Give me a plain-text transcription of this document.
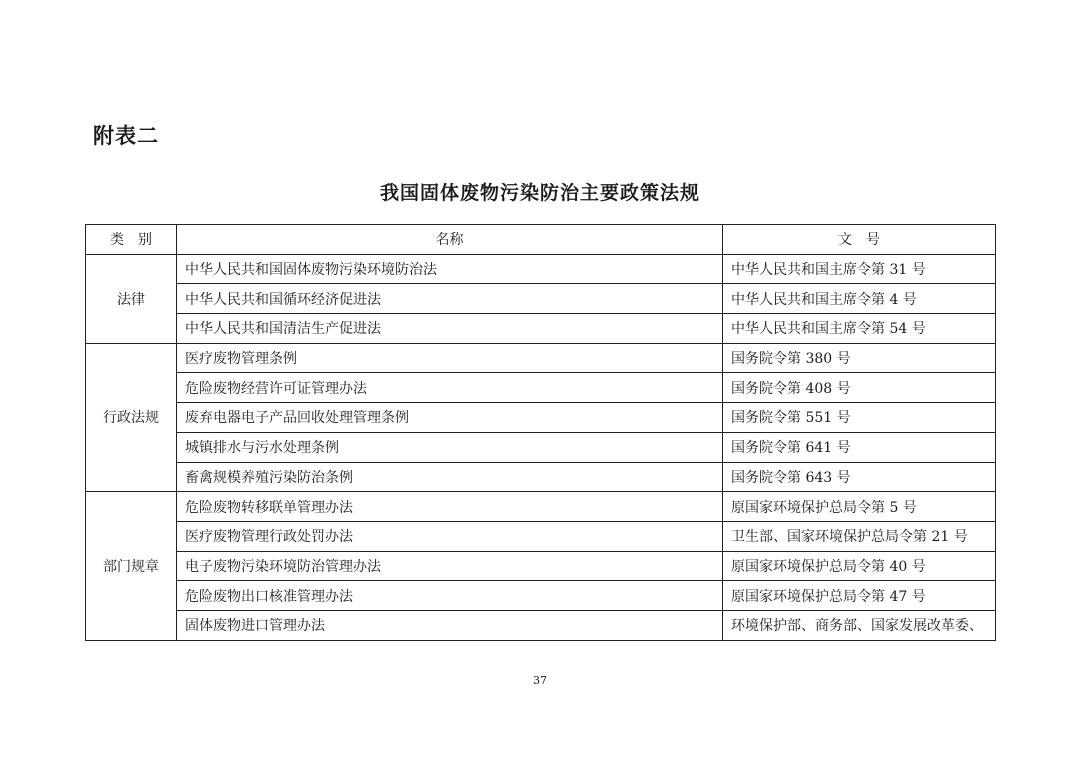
附表二
我国固体废物污染防治主要政策法规
类　别	名称	文　号
法律	中华人民共和国固体废物污染环境防治法	中华人民共和国主席令第 31 号
	中华人民共和国循环经济促进法	中华人民共和国主席令第 4 号
	中华人民共和国清洁生产促进法	中华人民共和国主席令第 54 号
行政法规	医疗废物管理条例	国务院令第 380 号
	危险废物经营许可证管理办法	国务院令第 408 号
	废弃电器电子产品回收处理管理条例	国务院令第 551 号
	城镇排水与污水处理条例	国务院令第 641 号
	畜禽规模养殖污染防治条例	国务院令第 643 号
部门规章	危险废物转移联单管理办法	原国家环境保护总局令第 5 号
	医疗废物管理行政处罚办法	卫生部、国家环境保护总局令第 21 号
	电子废物污染环境防治管理办法	原国家环境保护总局令第 40 号
	危险废物出口核准管理办法	原国家环境保护总局令第 47 号
	固体废物进口管理办法	环境保护部、商务部、国家发展改革委、
37
